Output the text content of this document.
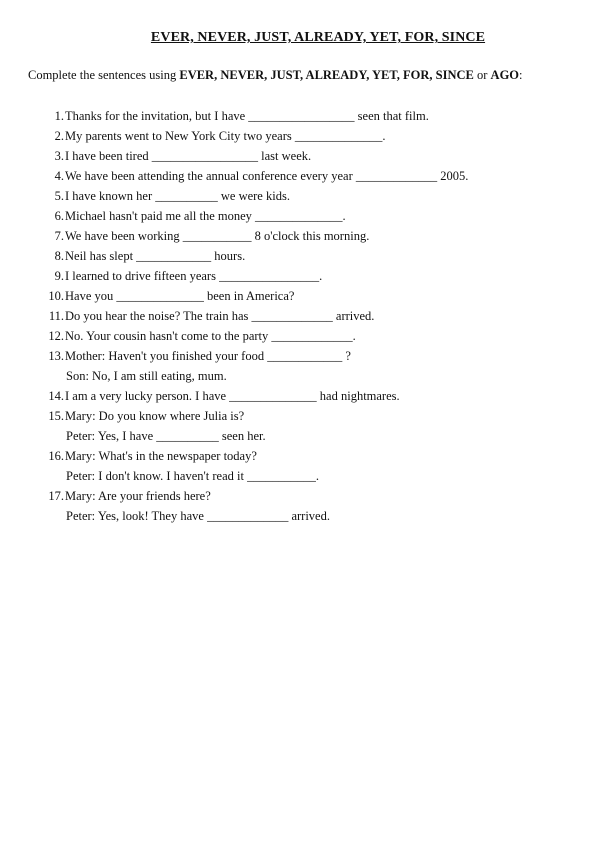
EVER, NEVER, JUST, ALREADY, YET, FOR, SINCE
Complete the sentences using EVER, NEVER, JUST, ALREADY, YET, FOR, SINCE or AGO:
1.Thanks for the invitation, but I have _________________ seen that film.
2.My parents went to New York City two years ______________.
3.I have been tired _________________ last week.
4.We have been attending the annual conference every year _____________ 2005.
5.I have known her __________ we were kids.
6.Michael hasn't paid me all the money ______________.
7.We have been working ___________ 8 o'clock this morning.
8.Neil has slept ____________ hours.
9.I learned to drive fifteen years ________________.
10.Have you ______________ been in America?
11.Do you hear the noise? The train has _____________ arrived.
12.No. Your cousin hasn't come to the party _____________.
13.Mother: Haven't you finished your food ____________ ?
Son: No, I am still eating, mum.
14.I am a very lucky person. I have ______________ had nightmares.
15.Mary: Do you know where Julia is?
Peter: Yes, I have __________ seen her.
16.Mary: What's in the newspaper today?
Peter: I don't know. I haven't read it ___________.
17.Mary: Are your friends here?
Peter: Yes, look! They have _____________ arrived.
